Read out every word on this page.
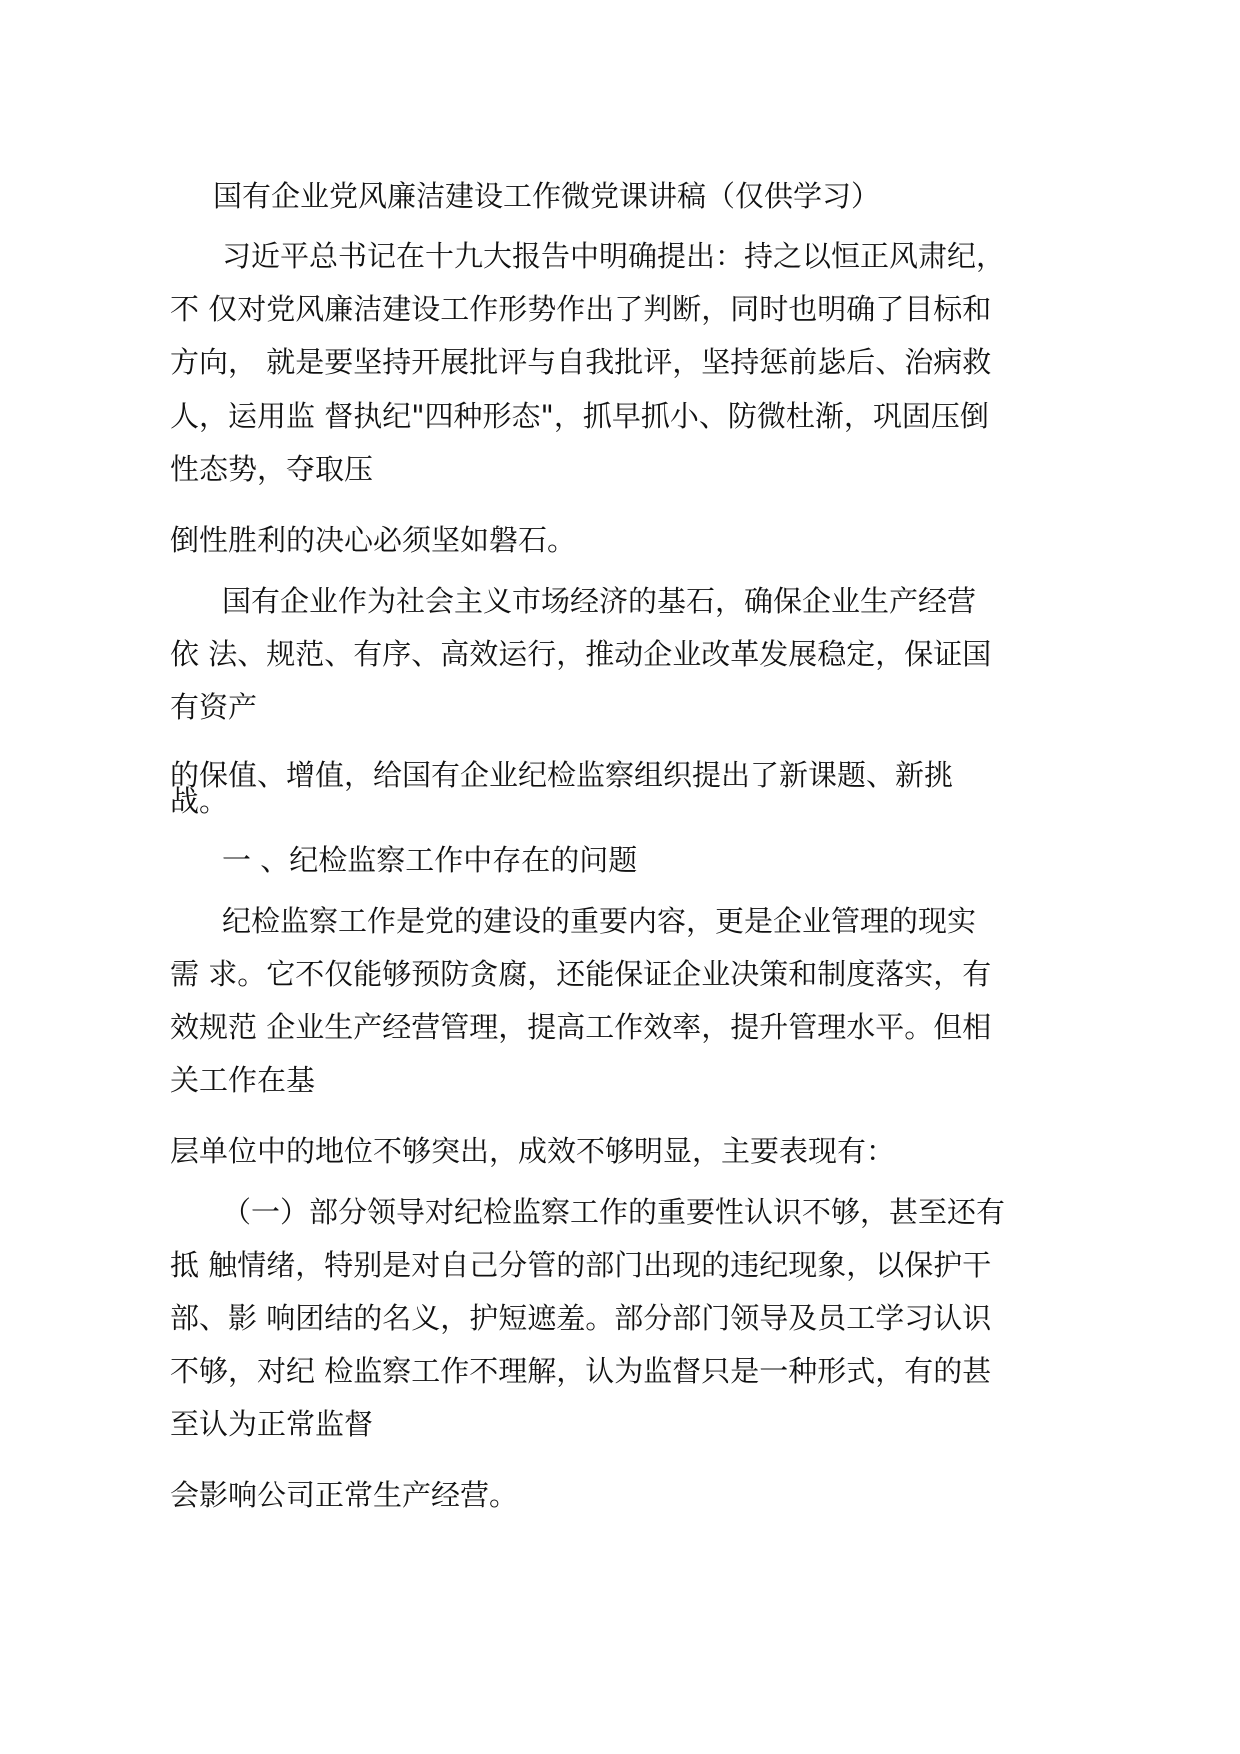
国有企业党风廉洁建设工作微党课讲稿（仅供学习）
习近平总书记在十九大报告中明确提出：持之以恒正风肃纪，
不 仅对党风廉洁建设工作形势作出了判断，同时也明确了目标和
方向， 就是要坚持开展批评与自我批评，坚持惩前毖后、治病救
人，运用监 督执纪"四种形态"，抓早抓小、防微杜渐，巩固压倒
性态势，夺取压
倒性胜利的决心必须坚如磐石。
国有企业作为社会主义市场经济的基石，确保企业生产经营
依 法、规范、有序、高效运行，推动企业改革发展稳定，保证国
有资产
的保值、增值，给国有企业纪检监察组织提出了新课题、新挑
战。
一 、纪检监察工作中存在的问题
纪检监察工作是党的建设的重要内容，更是企业管理的现实
需 求。它不仅能够预防贪腐，还能保证企业决策和制度落实，有
效规范 企业生产经营管理，提高工作效率，提升管理水平。但相
关工作在基
层单位中的地位不够突出，成效不够明显，主要表现有：
（一）部分领导对纪检监察工作的重要性认识不够，甚至还有
抵 触情绪，特别是对自己分管的部门出现的违纪现象，以保护干
部、影 响团结的名义，护短遮羞。部分部门领导及员工学习认识
不够，对纪 检监察工作不理解，认为监督只是一种形式，有的甚
至认为正常监督
会影响公司正常生产经营。
